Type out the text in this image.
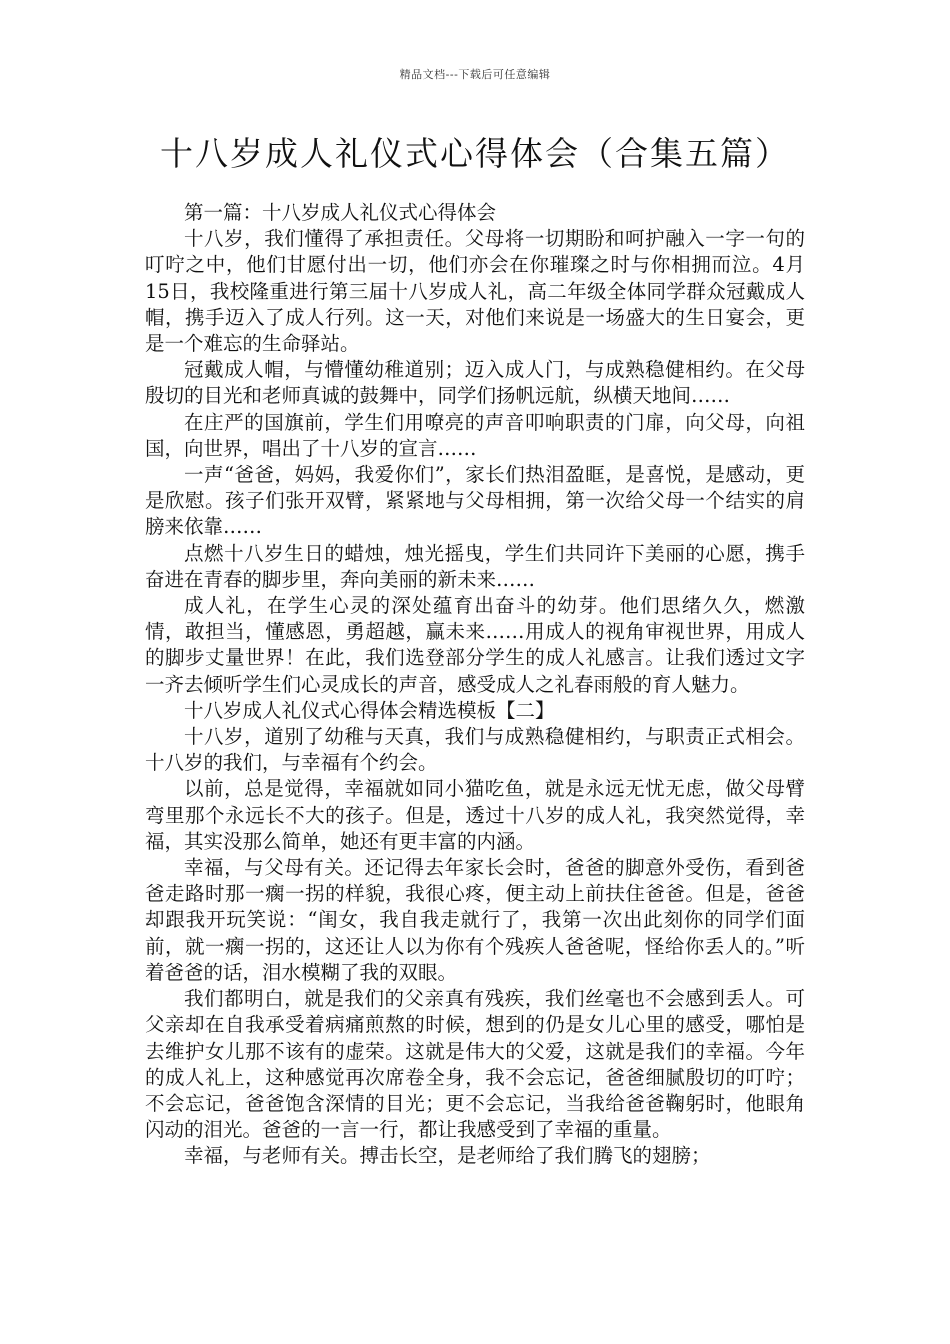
精品文档---下载后可任意编辑
十八岁成人礼仪式心得体会（合集五篇）

第一篇：十八岁成人礼仪式心得体会

十八岁，我们懂得了承担责任。父母将一切期盼和呵护融入一字一句的叮咛之中，他们甘愿付出一切，他们亦会在你璀璨之时与你相拥而泣。4月15日，我校隆重进行第三届十八岁成人礼，高二年级全体同学群众冠戴成人帽，携手迈入了成人行列。这一天，对他们来说是一场盛大的生日宴会，更是一个难忘的生命驿站。

冠戴成人帽，与懵懂幼稚道别；迈入成人门，与成熟稳健相约。在父母殷切的目光和老师真诚的鼓舞中，同学们扬帆远航，纵横天地间……

在庄严的国旗前，学生们用嘹亮的声音叩响职责的门扉，向父母，向祖国，向世界，唱出了十八岁的宣言……

一声“爸爸，妈妈，我爱你们”，家长们热泪盈眶，是喜悦，是感动，更是欣慰。孩子们张开双臂，紧紧地与父母相拥，第一次给父母一个结实的肩膀来依靠……

点燃十八岁生日的蜡烛，烛光摇曳，学生们共同许下美丽的心愿，携手奋进在青春的脚步里，奔向美丽的新未来……

成人礼，在学生心灵的深处蕴育出奋斗的幼芽。他们思绪久久，燃激情，敢担当，懂感恩，勇超越，赢未来……用成人的视角审视世界，用成人的脚步丈量世界！在此，我们选登部分学生的成人礼感言。让我们透过文字一齐去倾听学生们心灵成长的声音，感受成人之礼春雨般的育人魅力。

十八岁成人礼仪式心得体会精选模板【二】

十八岁，道别了幼稚与天真，我们与成熟稳健相约，与职责正式相会。十八岁的我们，与幸福有个约会。

以前，总是觉得，幸福就如同小猫吃鱼，就是永远无忧无虑，做父母臂弯里那个永远长不大的孩子。但是，透过十八岁的成人礼，我突然觉得，幸福，其实没那么简单，她还有更丰富的内涵。

幸福，与父母有关。还记得去年家长会时，爸爸的脚意外受伤，看到爸爸走路时那一瘸一拐的样貌，我很心疼，便主动上前扶住爸爸。但是，爸爸却跟我开玩笑说：“闺女，我自我走就行了，我第一次出此刻你的同学们面前，就一瘸一拐的，这还让人以为你有个残疾人爸爸呢，怪给你丢人的。”听着爸爸的话，泪水模糊了我的双眼。

我们都明白，就是我们的父亲真有残疾，我们丝毫也不会感到丢人。可父亲却在自我承受着病痛煎熬的时候，想到的仍是女儿心里的感受，哪怕是去维护女儿那不该有的虚荣。这就是伟大的父爱，这就是我们的幸福。今年的成人礼上，这种感觉再次席卷全身，我不会忘记，爸爸细腻殷切的叮咛；不会忘记，爸爸饱含深情的目光；更不会忘记，当我给爸爸鞠躬时，他眼角闪动的泪光。爸爸的一言一行，都让我感受到了幸福的重量。

幸福，与老师有关。搏击长空，是老师给了我们腾飞的翅膀；
